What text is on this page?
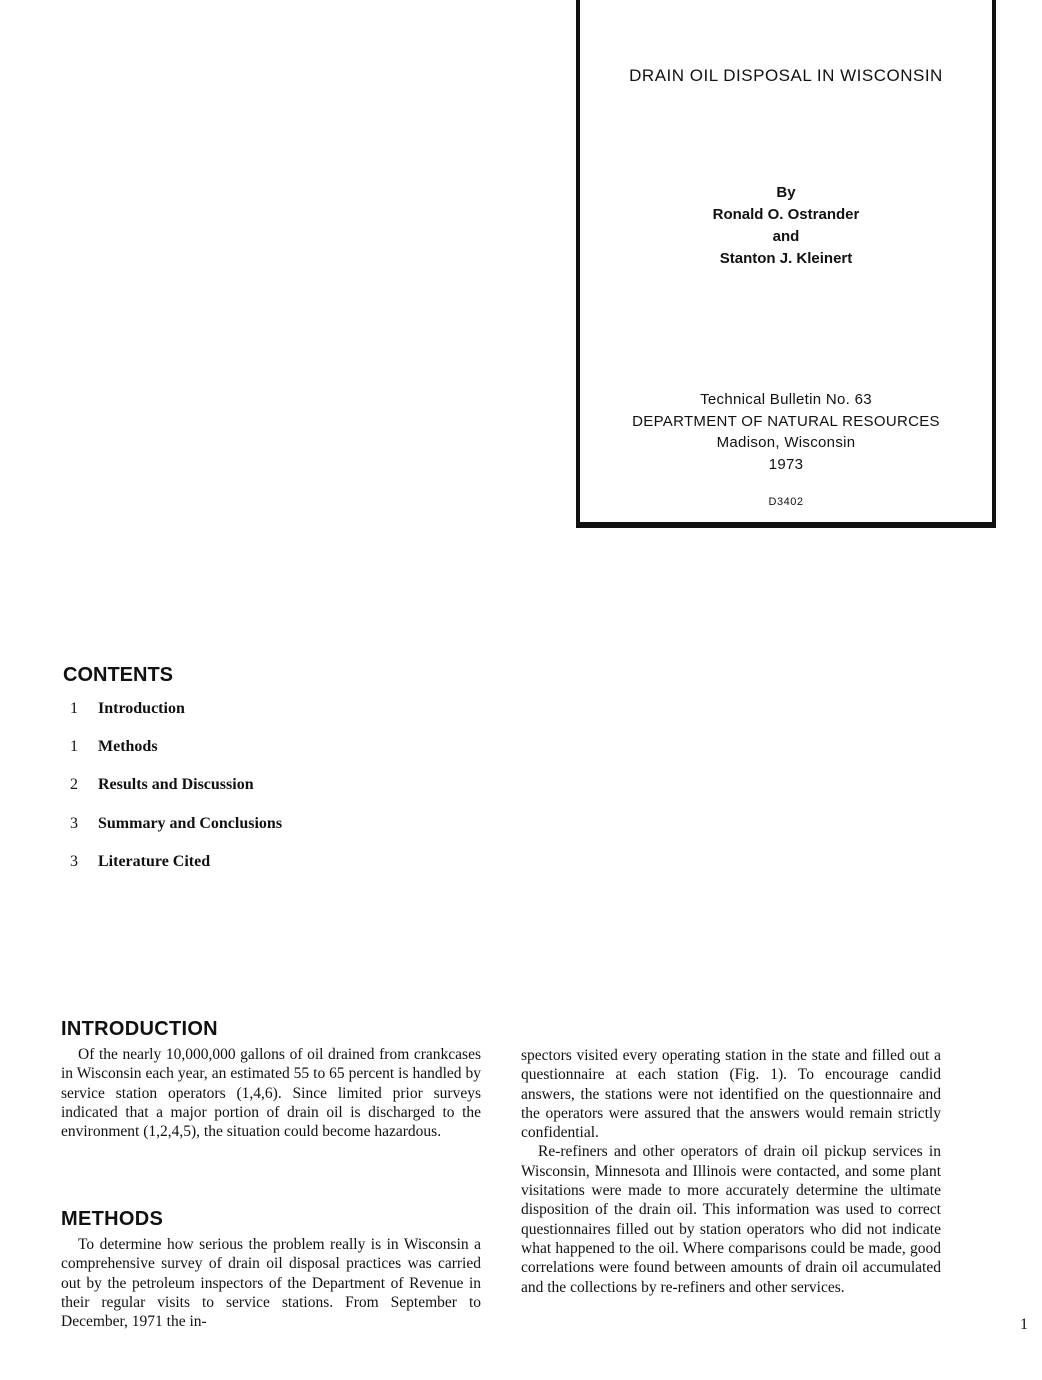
DRAIN OIL DISPOSAL IN WISCONSIN
By
Ronald O. Ostrander
and
Stanton J. Kleinert
Technical Bulletin No. 63
DEPARTMENT OF NATURAL RESOURCES
Madison, Wisconsin
1973
D3402
CONTENTS
1	Introduction
1	Methods
2	Results and Discussion
3	Summary and Conclusions
3	Literature Cited
INTRODUCTION

Of the nearly 10,000,000 gallons of oil drained from crankcases in Wisconsin each year, an estimated 55 to 65 percent is handled by service station operators (1,4,6). Since limited prior surveys indicated that a major portion of drain oil is discharged to the environment (1,2,4,5), the situation could become hazardous.

METHODS

To determine how serious the problem really is in Wisconsin a comprehensive survey of drain oil disposal practices was carried out by the petroleum inspectors of the Department of Revenue in their regular visits to service stations. From September to December, 1971 the in-

spectors visited every operating station in the state and filled out a questionnaire at each station (Fig. 1). To encourage candid answers, the stations were not identified on the questionnaire and the operators were assured that the answers would remain strictly confidential.

Re-refiners and other operators of drain oil pickup services in Wisconsin, Minnesota and Illinois were contacted, and some plant visitations were made to more accurately determine the ultimate disposition of the drain oil. This information was used to correct questionnaires filled out by station operators who did not indicate what happened to the oil. Where comparisons could be made, good correlations were found between amounts of drain oil accumulated and the collections by re-refiners and other services.

1
